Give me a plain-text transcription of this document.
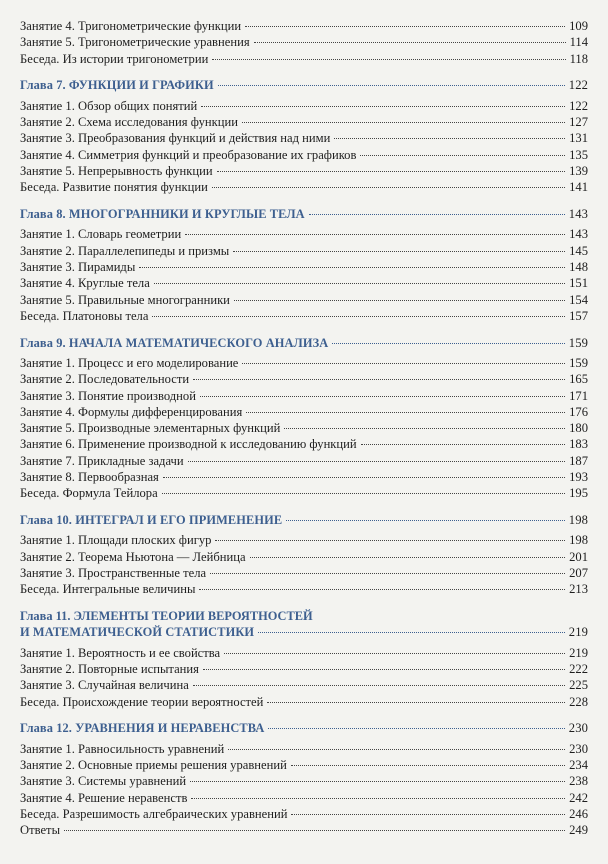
Занятие 4. Тригонометрические функции	109
Занятие 5. Тригонометрические уравнения	114
Беседа. Из истории тригонометрии	118
Глава 7. ФУНКЦИИ И ГРАФИКИ	122
Занятие 1. Обзор общих понятий	122
Занятие 2. Схема исследования функции	127
Занятие 3. Преобразования функций и действия над ними	131
Занятие 4. Симметрия функций и преобразование их графиков	135
Занятие 5. Непрерывность функции	139
Беседа. Развитие понятия функции	141
Глава 8. МНОГОГРАННИКИ И КРУГЛЫЕ ТЕЛА	143
Занятие 1. Словарь геометрии	143
Занятие 2. Параллелепипеды и призмы	145
Занятие 3. Пирамиды	148
Занятие 4. Круглые тела	151
Занятие 5. Правильные многогранники	154
Беседа. Платоновы тела	157
Глава 9. НАЧАЛА МАТЕМАТИЧЕСКОГО АНАЛИЗА	159
Занятие 1. Процесс и его моделирование	159
Занятие 2. Последовательности	165
Занятие 3. Понятие производной	171
Занятие 4. Формулы дифференцирования	176
Занятие 5. Производные элементарных функций	180
Занятие 6. Применение производной к исследованию функций	183
Занятие 7. Прикладные задачи	187
Занятие 8. Первообразная	193
Беседа. Формула Тейлора	195
Глава 10. ИНТЕГРАЛ И ЕГО ПРИМЕНЕНИЕ	198
Занятие 1. Площади плоских фигур	198
Занятие 2. Теорема Ньютона — Лейбница	201
Занятие 3. Пространственные тела	207
Беседа. Интегральные величины	213
Глава 11. ЭЛЕМЕНТЫ ТЕОРИИ ВЕРОЯТНОСТЕЙ
И МАТЕМАТИЧЕСКОЙ СТАТИСТИКИ	219
Занятие 1. Вероятность и ее свойства	219
Занятие 2. Повторные испытания	222
Занятие 3. Случайная величина	225
Беседа. Происхождение теории вероятностей	228
Глава 12. УРАВНЕНИЯ И НЕРАВЕНСТВА	230
Занятие 1. Равносильность уравнений	230
Занятие 2. Основные приемы решения уравнений	234
Занятие 3. Системы уравнений	238
Занятие 4. Решение неравенств	242
Беседа. Разрешимость алгебраических уравнений	246
Ответы	249
